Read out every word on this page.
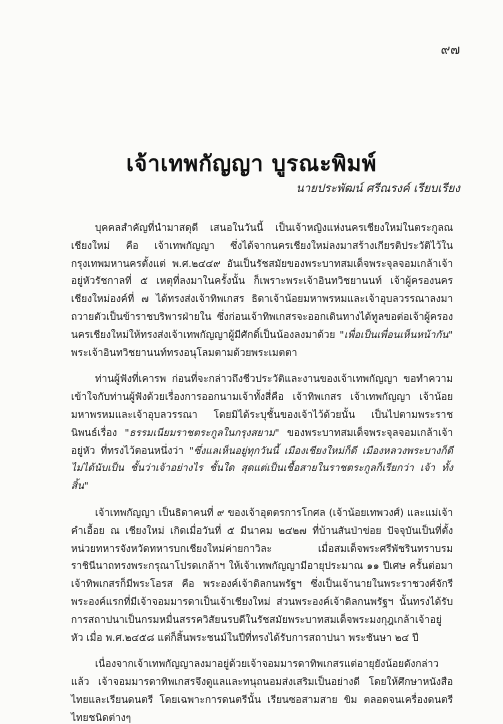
๙๗
เจ้าเทพกัญญา บูรณะพิมพ์
นายประพัฒน์ ศรีณรงค์ เรียบเรียง

บุคคลสำคัญที่นำมาสดุดี เสนอในวันนี้ เป็นเจ้าหญิงแห่งนครเชียงใหม่ในตระกูลณเชียงใหม่ คือ เจ้าเทพกัญญา ซึ่งได้จากนครเชียงใหม่ลงมาสร้างเกียรติประวัติไว้ในกรุงเทพมหานครตั้งแต่ พ.ศ.๒๔๔๙ อันเป็นรัชสมัยของพระบาทสมเด็จพระจุลจอมเกล้าเจ้าอยู่หัวรัชกาลที่ ๕ เหตุที่ลงมาในครั้งนั้น ก็เพราะพระเจ้าอินทวิชยานนท์ เจ้าผู้ครองนครเชียงใหม่องค์ที่ ๗ ได้ทรงส่งเจ้าทิพเกสร ธิดาเจ้าน้อยมหาพรหมและเจ้าอุบลวรรณาลงมาถวายตัวเป็นข้าราชบริพารฝ่ายใน ซึ่งก่อนเจ้าทิพเกสรจะออกเดินทางได้ทูลขอต่อเจ้าผู้ครองนครเชียงใหม่ให้ทรงส่งเจ้าเทพกัญญาผู้มีศักดิ์เป็นน้องลงมาด้วย "เพื่อเป็นเพื่อนเห็นหน้ากัน" พระเจ้าอินทวิชยานนท์ทรงอนุโลมตามด้วยพระเมตตา

ท่านผู้ฟังที่เคารพ ก่อนที่จะกล่าวถึงชีวประวัติและงานของเจ้าเทพกัญญา ขอทำความเข้าใจกับท่านผู้ฟังด้วยเรื่องการออกนามเจ้าทั้งสี่คือ เจ้าทิพเกสร เจ้าเทพกัญญา เจ้าน้อยมหาพรหมและเจ้าอุบลวรรณา โดยมิได้ระบุชั้นของเจ้าไว้ด้วยนั้น เป็นไปตามพระราชนิพนธ์เรื่อง "ธรรมเนียมราชตระกูลในกรุงสยาม" ของพระบาทสมเด็จพระจุลจอมเกล้าเจ้าอยู่หัว ที่ทรงไว้ตอนหนึ่งว่า "ซึ่งแลเห็นอยู่ทุกวันนี้ เมืองเชียงใหม่ก็ดี เมืองหลวงพระบางก็ดี ไม่ได้นับเป็น ชั้นว่าเจ้าอย่างไร ชั้นใด สุดแต่เป็นเชื้อสายในราชตระกูลก็เรียกว่า เจ้า ทั้งสิ้น"

เจ้าเทพกัญญา เป็นธิดาคนที่ ๙ ของเจ้าอุตตรการโกศล (เจ้าน้อยเทพวงศ์) และแม่เจ้าคำเอื้อย ณ เชียงใหม่ เกิดเมื่อวันที่ ๕ มีนาคม ๒๔๒๗ ที่บ้านสันป่าข่อย ปัจจุบันเป็นที่ตั้งหน่วยทหารจังหวัดทหารบกเชียงใหม่ค่ายกาวิละ เมื่อสมเด็จพระศรีพัชรินทราบรมราชินีนาถทรงพระกรุณาโปรดเกล้าฯ ให้เจ้าเทพกัญญามีอายุประมาณ ๑๑ ปีเศษ ครั้นต่อมาเจ้าทิพเกสรก็มีพระโอรส คือ พระองค์เจ้าดิลกนพรัฐฯ ซึ่งเป็นเจ้านายในพระราชวงศ์จักรีพระองค์แรกที่มีเจ้าจอมมารดาเป็นเจ้าเชียงใหม่ ส่วนพระองค์เจ้าดิลกนพรัฐฯ นั้นทรงได้รับการสถาปนาเป็นกรมหมื่นสรรควิสัยนรบดีในรัชสมัยพระบาทสมเด็จพระมงกุฎเกล้าเจ้าอยู่หัว เมื่อ พ.ศ.๒๔๕๘ แต่ก็สิ้นพระชนม์ในปีที่ทรงได้รับการสถาปนา พระชันษา ๒๔ ปี

เนื่องจากเจ้าเทพกัญญาลงมาอยู่ด้วยเจ้าจอมมารดาทิพเกสรแต่อายุยังน้อยดังกล่าวแล้ว เจ้าจอมมารดาทิพเกสรจึงดูแลและทนุถนอมส่งเสริมเป็นอย่างดี โดยให้ศึกษาหนังสือไทยและเรียนดนตรี โดยเฉพาะการดนตรีนั้น เรียนซอสามสาย ขิม ตลอดจนเครื่องดนตรีไทยชนิดต่างๆ
